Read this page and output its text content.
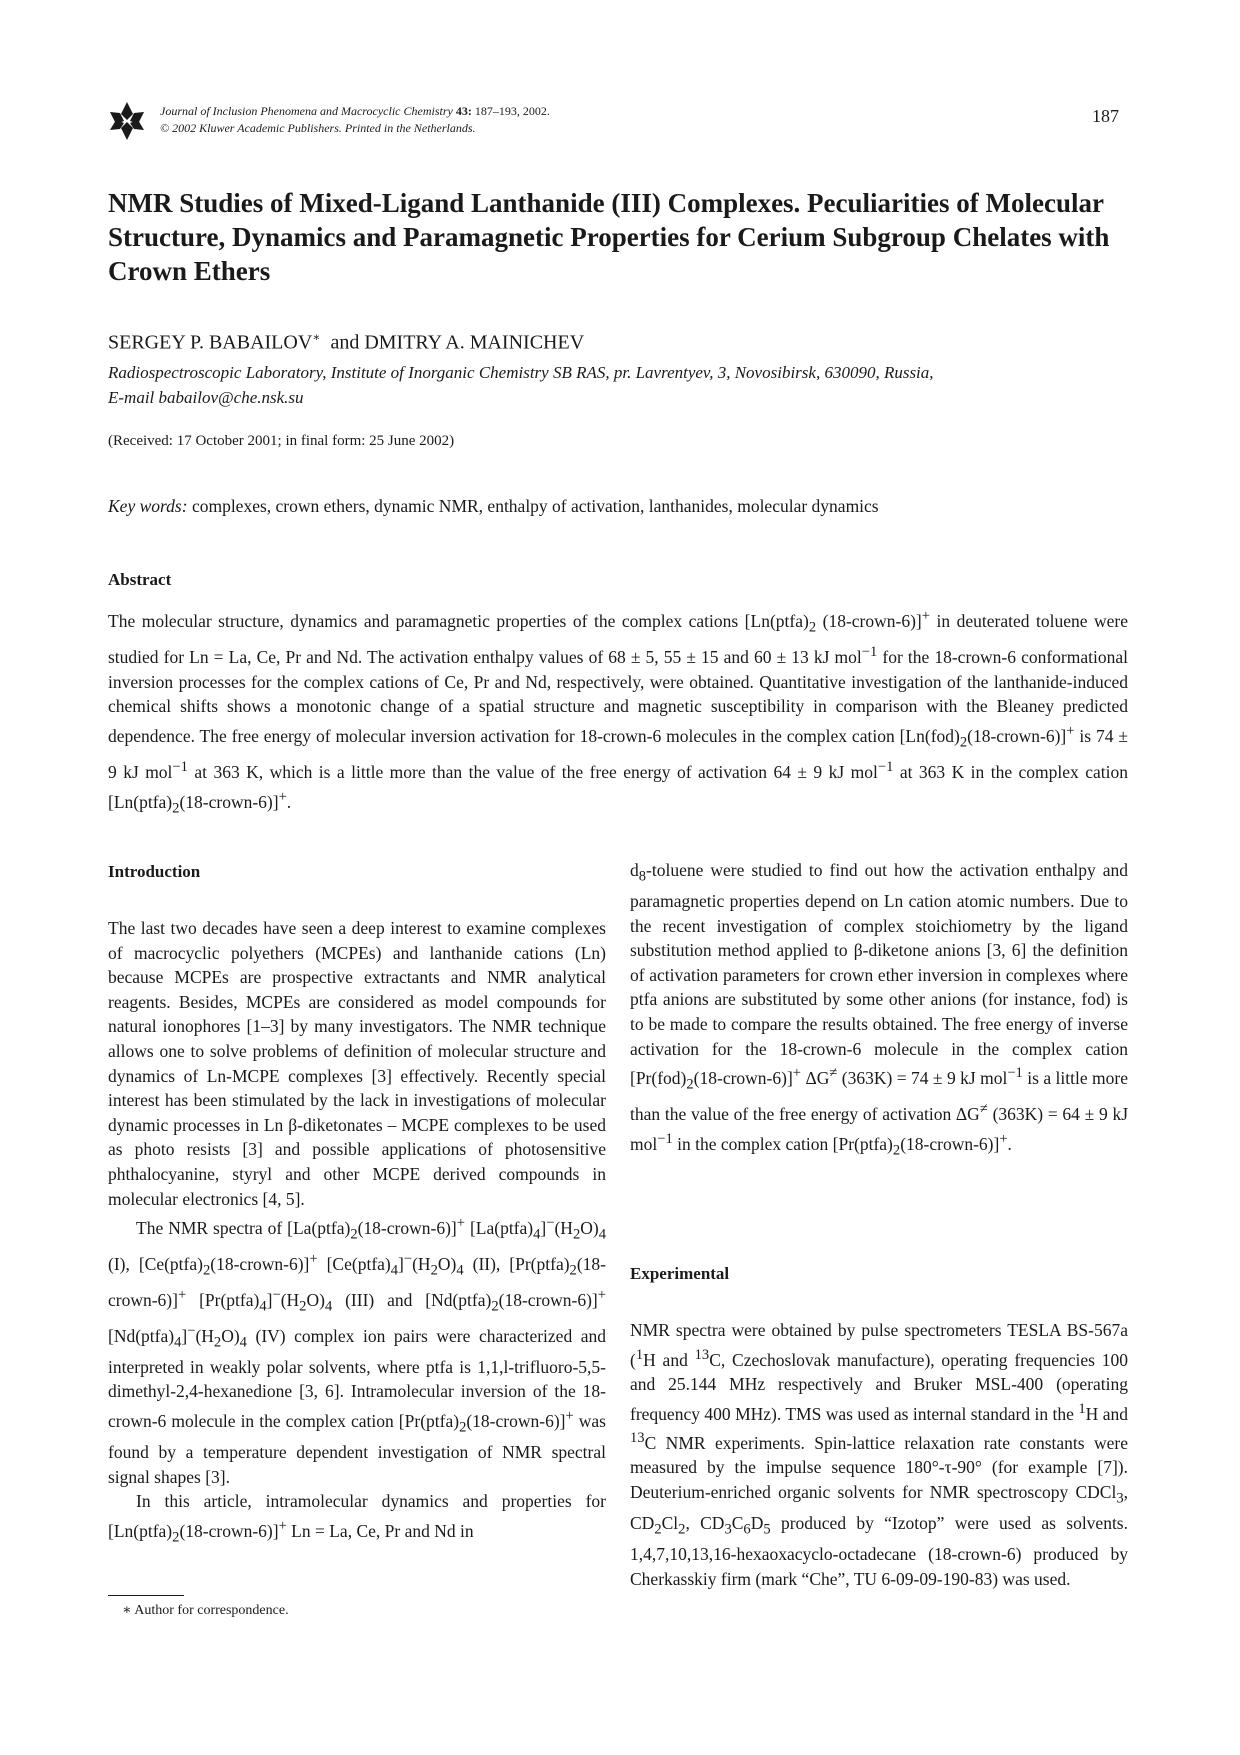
Journal of Inclusion Phenomena and Macrocyclic Chemistry 43: 187–193, 2002.
© 2002 Kluwer Academic Publishers. Printed in the Netherlands.
187
NMR Studies of Mixed-Ligand Lanthanide (III) Complexes. Peculiarities of Molecular Structure, Dynamics and Paramagnetic Properties for Cerium Subgroup Chelates with Crown Ethers
SERGEY P. BABAILOV∗ and DMITRY A. MAINICHEV
Radiospectroscopic Laboratory, Institute of Inorganic Chemistry SB RAS, pr. Lavrentyev, 3, Novosibirsk, 630090, Russia,
E-mail babailov@che.nsk.su
(Received: 17 October 2001; in final form: 25 June 2002)
Key words: complexes, crown ethers, dynamic NMR, enthalpy of activation, lanthanides, molecular dynamics
Abstract
The molecular structure, dynamics and paramagnetic properties of the complex cations [$Ln(ptfa)_2$ (18-crown-6)]+ in deuterated toluene were studied for Ln = La, Ce, Pr and Nd. The activation enthalpy values of 68 ± 5, 55 ± 15 and 60 ± 13 kJ mol$^{-1}$ for the 18-crown-6 conformational inversion processes for the complex cations of Ce, Pr and Nd, respectively, were obtained. Quantitative investigation of the lanthanide-induced chemical shifts shows a monotonic change of a spatial structure and magnetic susceptibility in comparison with the Bleaney predicted dependence. The free energy of molecular inversion activation for 18-crown-6 molecules in the complex cation $[Ln(fod)_2(18-crown-6)]^+$ is 74 ± 9 kJ mol$^{-1}$ at 363 K, which is a little more than the value of the free energy of activation 64 ± 9 kJ mol$^{-1}$ at 363 K in the complex cation $[Ln(ptfa)_2(18-crown-6)]^+$.
Introduction

The last two decades have seen a deep interest to examine complexes of macrocyclic polyethers (MCPEs) and lanthanide cations (Ln) because MCPEs are prospective extractants and NMR analytical reagents. Besides, MCPEs are considered as model compounds for natural ionophores [1–3] by many investigators. The NMR technique allows one to solve problems of definition of molecular structure and dynamics of Ln-MCPE complexes [3] effectively. Recently special interest has been stimulated by the lack in investigations of molecular dynamic processes in Ln β-diketonates – MCPE complexes to be used as photo resists [3] and possible applications of photosensitive phthalocyanine, styryl and other MCPE derived compounds in molecular electronics [4, 5].

The NMR spectra of $[La(ptfa)_2(18-crown-6)]^+$ $[La(ptfa)_4]^-(H_2O)_4$ (I), $[Ce(ptfa)_2(18-crown-6)]^+$ $[Ce(ptfa)_4]^-(H_2O)_4$ (II), $[Pr(ptfa)_2(18-crown-6)]^+$ $[Pr(ptfa)_4]^-(H_2O)_4$ (III) and $[Nd(ptfa)_2(18-crown-6)]^+$ $[Nd(ptfa)_4]^-(H_2O)_4$ (IV) complex ion pairs were characterized and interpreted in weakly polar solvents, where ptfa is 1,1,l-trifluoro-5,5-dimethyl-2,4-hexanedione [3, 6]. Intramolecular inversion of the 18-crown-6 molecule in the complex cation $[Pr(ptfa)_2(18-crown-6)]^+$ was found by a temperature dependent investigation of NMR spectral signal shapes [3].

In this article, intramolecular dynamics and properties for $[Ln(ptfa)_2(18-crown-6)]^+$ Ln = La, Ce, Pr and Nd in

$d_8$-toluene were studied to find out how the activation enthalpy and paramagnetic properties depend on Ln cation atomic numbers. Due to the recent investigation of complex stoichiometry by the ligand substitution method applied to β-diketone anions [3, 6] the definition of activation parameters for crown ether inversion in complexes where ptfa anions are substituted by some other anions (for instance, fod) is to be made to compare the results obtained. The free energy of inverse activation for the 18-crown-6 molecule in the complex cation $[Pr(fod)_2(18-crown-6)]^+$ ΔG≠ (363K) = 74 ± 9 kJ mol$^{-1}$ is a little more than the value of the free energy of activation ΔG≠ (363K) = 64 ± 9 kJ mol$^{-1}$ in the complex cation $[Pr(ptfa)_2(18-crown-6)]^+$.

Experimental

NMR spectra were obtained by pulse spectrometers TESLA BS-567a ($^1$H and $^{13}$C, Czechoslovak manufacture), operating frequencies 100 and 25.144 MHz respectively and Bruker MSL-400 (operating frequency 400 MHz). TMS was used as internal standard in the $^1$H and $^{13}$C NMR experiments. Spin-lattice relaxation rate constants were measured by the impulse sequence 180°-τ-90° (for example [7]). Deuterium-enriched organic solvents for NMR spectroscopy CDCl$_3$, $CD_2Cl_2$, $CD_3C_6D_5$ produced by “Izotop” were used as solvents. 1,4,7,10,13,16-hexaoxacyclo-octadecane (18-crown-6) produced by Cherkasskiy firm (mark “Che”, TU 6-09-09-190-83) was used.

∗ Author for correspondence.
